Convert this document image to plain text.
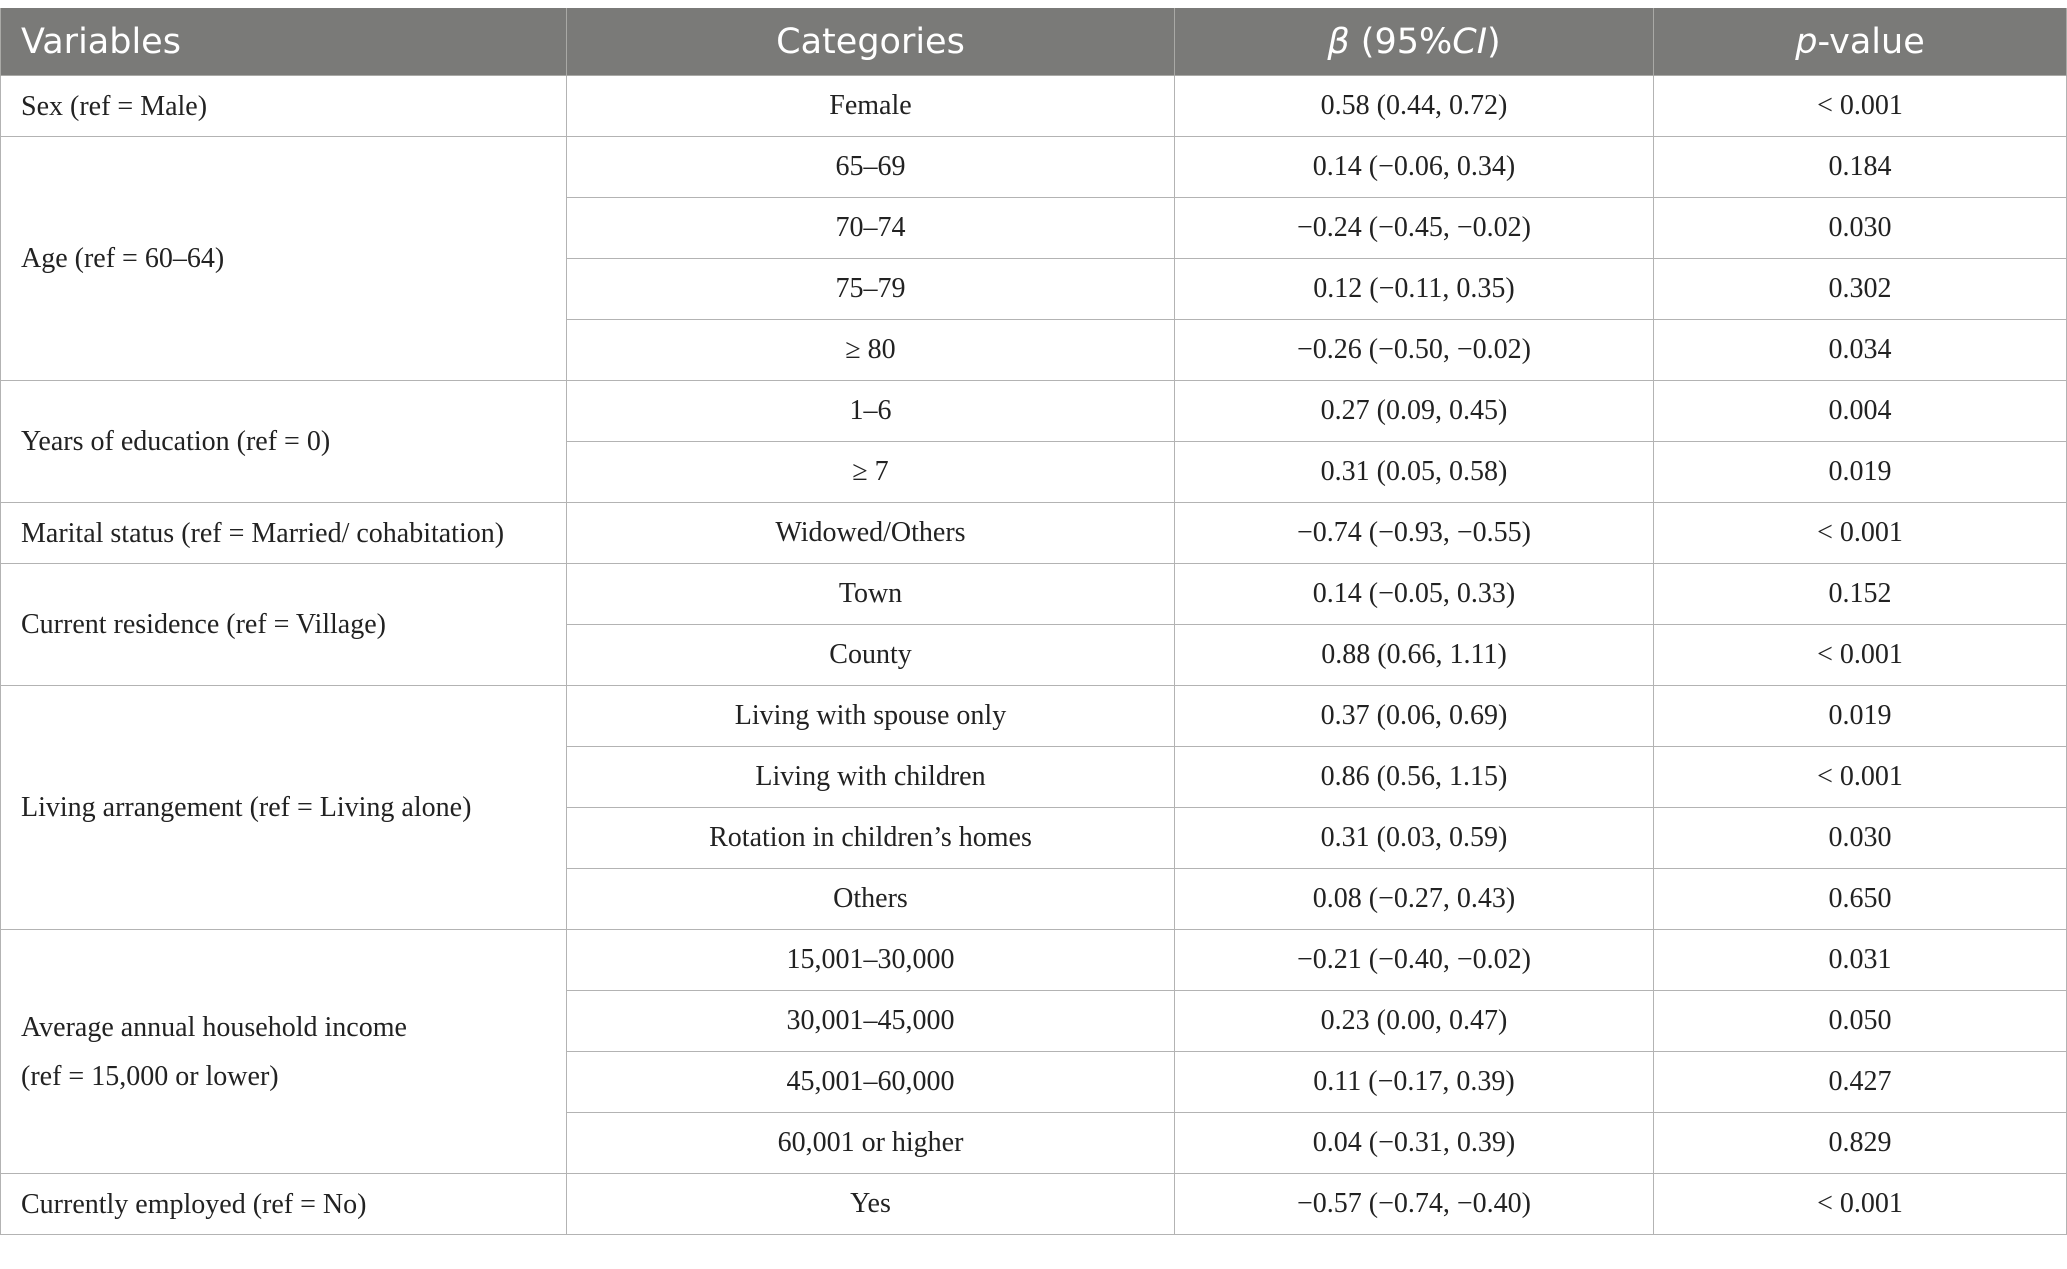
Variables	Categories	β (95%CI)	p-value
Sex (ref = Male)	Female	0.58 (0.44, 0.72)	< 0.001
Age (ref = 60–64)	65–69	0.14 (−0.06, 0.34)	0.184
	70–74	−0.24 (−0.45, −0.02)	0.030
	75–79	0.12 (−0.11, 0.35)	0.302
	≥ 80	−0.26 (−0.50, −0.02)	0.034
Years of education (ref = 0)	1–6	0.27 (0.09, 0.45)	0.004
	≥ 7	0.31 (0.05, 0.58)	0.019
Marital status (ref = Married/ cohabitation)	Widowed/Others	−0.74 (−0.93, −0.55)	< 0.001
Current residence (ref = Village)	Town	0.14 (−0.05, 0.33)	0.152
	County	0.88 (0.66, 1.11)	< 0.001
Living arrangement (ref = Living alone)	Living with spouse only	0.37 (0.06, 0.69)	0.019
	Living with children	0.86 (0.56, 1.15)	< 0.001
	Rotation in children’s homes	0.31 (0.03, 0.59)	0.030
	Others	0.08 (−0.27, 0.43)	0.650
Average annual household income
(ref = 15,000 or lower)	15,001–30,000	−0.21 (−0.40, −0.02)	0.031
	30,001–45,000	0.23 (0.00, 0.47)	0.050
	45,001–60,000	0.11 (−0.17, 0.39)	0.427
	60,001 or higher	0.04 (−0.31, 0.39)	0.829
Currently employed (ref = No)	Yes	−0.57 (−0.74, −0.40)	< 0.001
